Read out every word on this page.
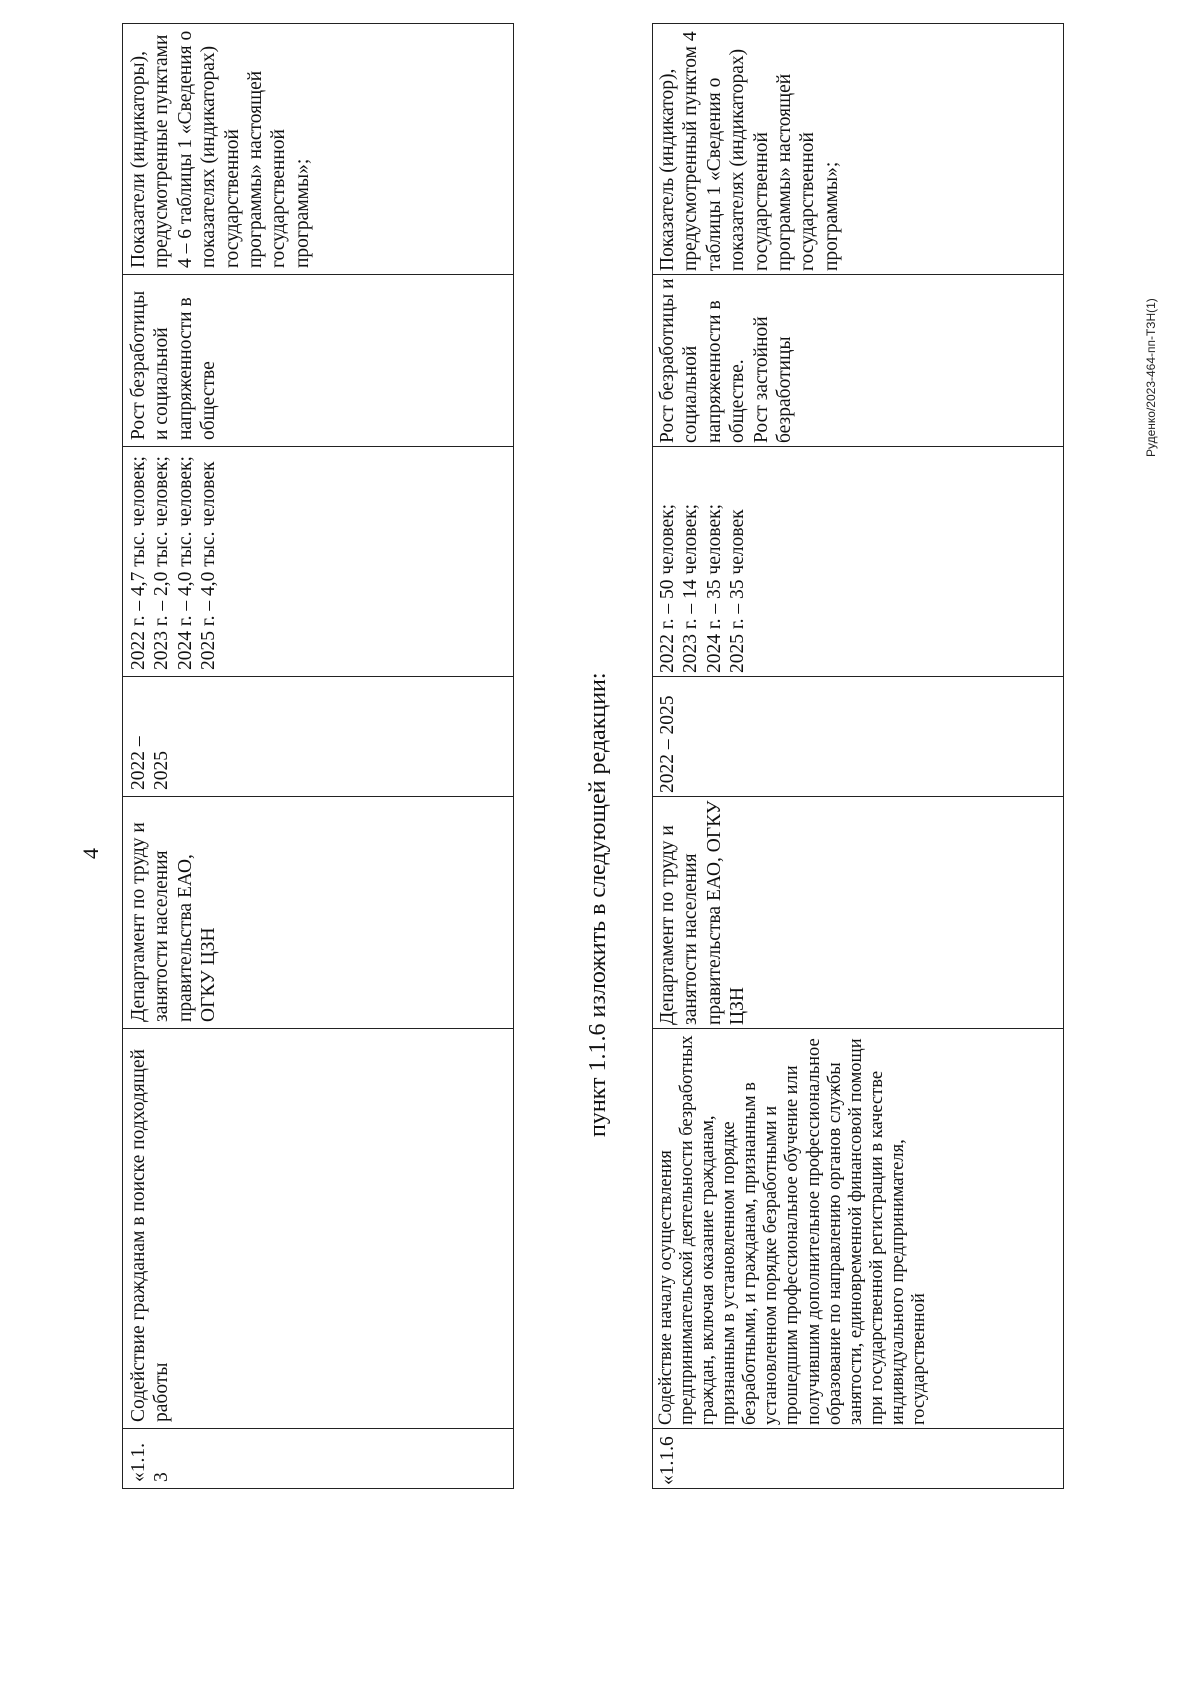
4
«1.1.3	Содействие гражданам в поиске подходящей работы	Департамент по труду и занятости населения правительства ЕАО, ОГКУ ЦЗН	2022 –
2025	2022 г. – 4,7 тыс. человек;
2023 г. – 2,0 тыс. человек;
2024 г. – 4,0 тыс. человек;
2025 г. – 4,0 тыс. человек	Рост безработицы и социальной напряженности в обществе	Показатели (индикаторы), предусмотренные пунктами 4 – 6 таблицы 1 «Сведения о показателях (индикаторах) государственной программы» настоящей государственной программы»;
пункт 1.1.6 изложить в следующей редакции:
«1.1.6	Содействие началу осуществления предпринимательской деятельности безработных граждан, включая оказание гражданам, признанным в установленном порядке безработными, и гражданам, признанным в установленном порядке безработными и прошедшим профессиональное обучение или получившим дополнительное профессиональное образование по направлению органов службы занятости, единовременной финансовой помощи при государственной регистрации в качестве индивидуального предпринимателя, государственной	Департамент по труду и занятости населения правительства ЕАО, ОГКУ ЦЗН	2022 – 2025	2022 г. – 50 человек;
2023 г. – 14 человек;
2024 г. – 35 человек;
2025 г. – 35 человек	Рост безработицы и социальной напряженности в обществе.
Рост застойной безработицы	Показатель (индикатор), предусмотренный пунктом 4 таблицы 1 «Сведения о показателях (индикаторах) государственной программы» настоящей государственной программы»;
Руденко/2023-464-пп-ТЗН(1)
